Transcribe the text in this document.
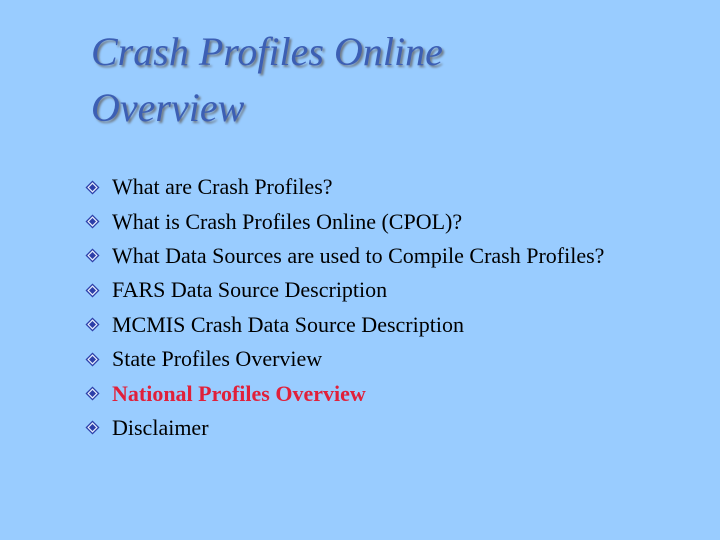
Crash Profiles Online
Overview
What are Crash Profiles?
What is Crash Profiles Online (CPOL)?
What Data Sources are used to Compile Crash Profiles?
FARS Data Source Description
MCMIS Crash Data Source Description
State Profiles Overview
National Profiles Overview
Disclaimer
